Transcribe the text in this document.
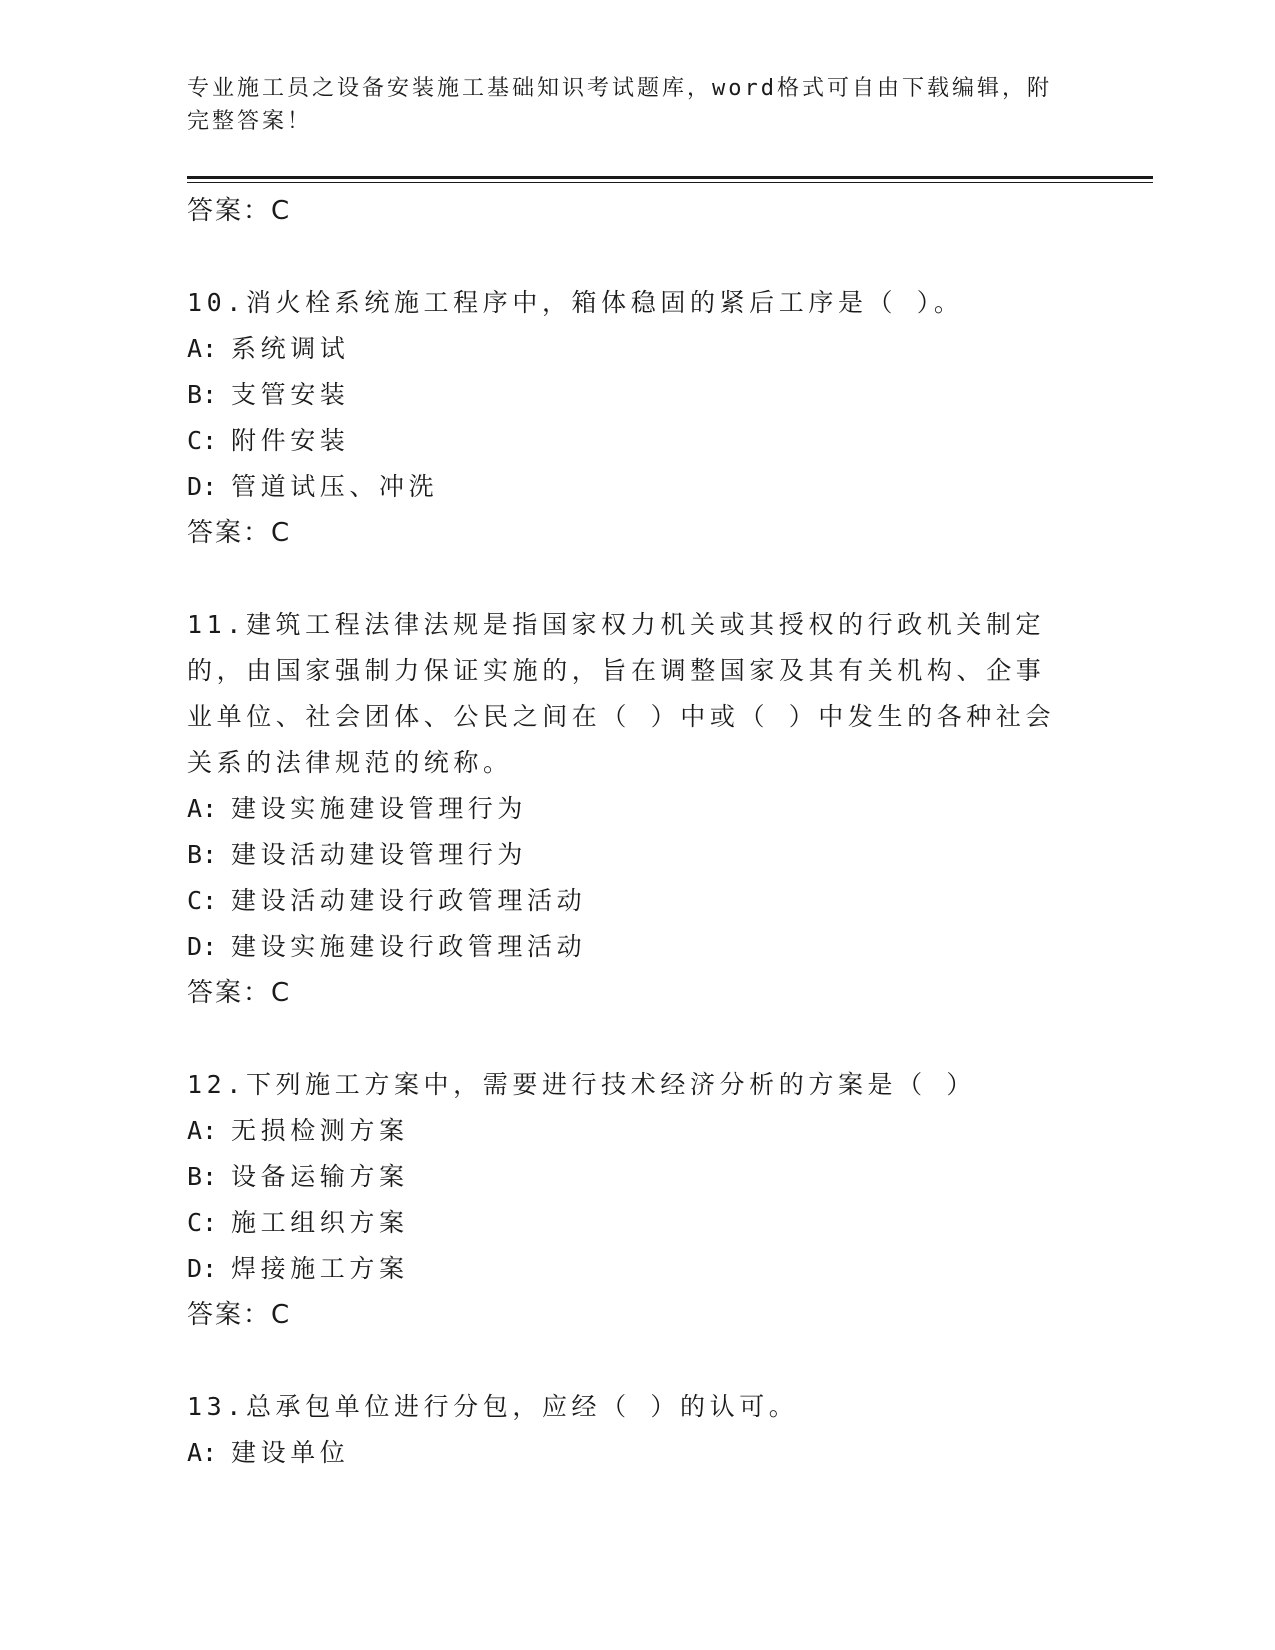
专业施工员之设备安装施工基础知识考试题库，word格式可自由下载编辑，附完整答案！
答案：C
10.消火栓系统施工程序中，箱体稳固的紧后工序是（ ）。
A: 系统调试
B: 支管安装
C: 附件安装
D: 管道试压、冲洗
答案：C
11.建筑工程法律法规是指国家权力机关或其授权的行政机关制定的，由国家强制力保证实施的，旨在调整国家及其有关机构、企事业单位、社会团体、公民之间在（ ）中或（ ）中发生的各种社会关系的法律规范的统称。
A: 建设实施建设管理行为
B: 建设活动建设管理行为
C: 建设活动建设行政管理活动
D: 建设实施建设行政管理活动
答案：C
12.下列施工方案中，需要进行技术经济分析的方案是（ ）
A: 无损检测方案
B: 设备运输方案
C: 施工组织方案
D: 焊接施工方案
答案：C
13.总承包单位进行分包，应经（ ）的认可。
A: 建设单位
